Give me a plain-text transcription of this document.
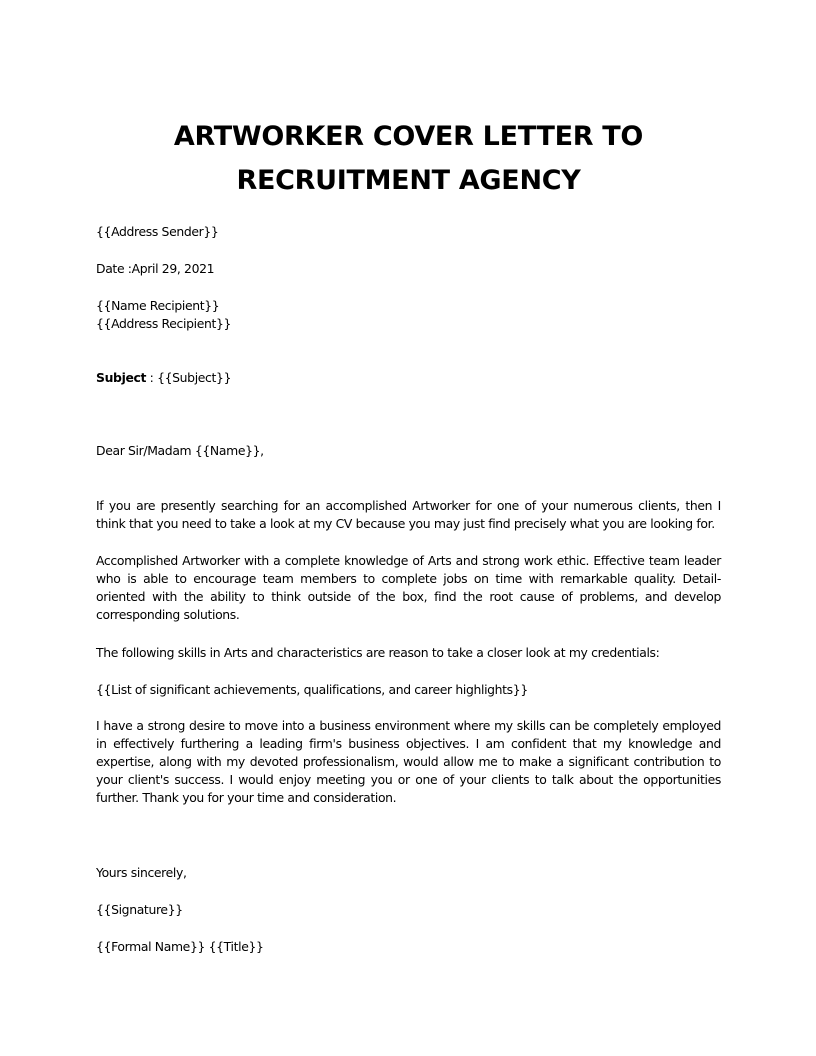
ARTWORKER COVER LETTER TO
RECRUITMENT AGENCY
{{Address Sender}}
Date :April 29, 2021
{{Name Recipient}}
{{Address Recipient}}
Subject : {{Subject}}
Dear Sir/Madam {{Name}},
If you are presently searching for an accomplished Artworker for one of your numerous clients, then I think that you need to take a look at my CV because you may just find precisely what you are looking for.
Accomplished Artworker with a complete knowledge of Arts and strong work ethic. Effective team leader who is able to encourage team members to complete jobs on time with remarkable quality. Detail-oriented with the ability to think outside of the box, find the root cause of problems, and develop corresponding solutions.
The following skills in Arts and characteristics are reason to take a closer look at my credentials:
{{List of significant achievements, qualifications, and career highlights}}
I have a strong desire to move into a business environment where my skills can be completely employed in effectively furthering a leading firm's business objectives. I am confident that my knowledge and expertise, along with my devoted professionalism, would allow me to make a significant contribution to your client's success. I would enjoy meeting you or one of your clients to talk about the opportunities further. Thank you for your time and consideration.
Yours sincerely,
{{Signature}}
{{Formal Name}} {{Title}}
